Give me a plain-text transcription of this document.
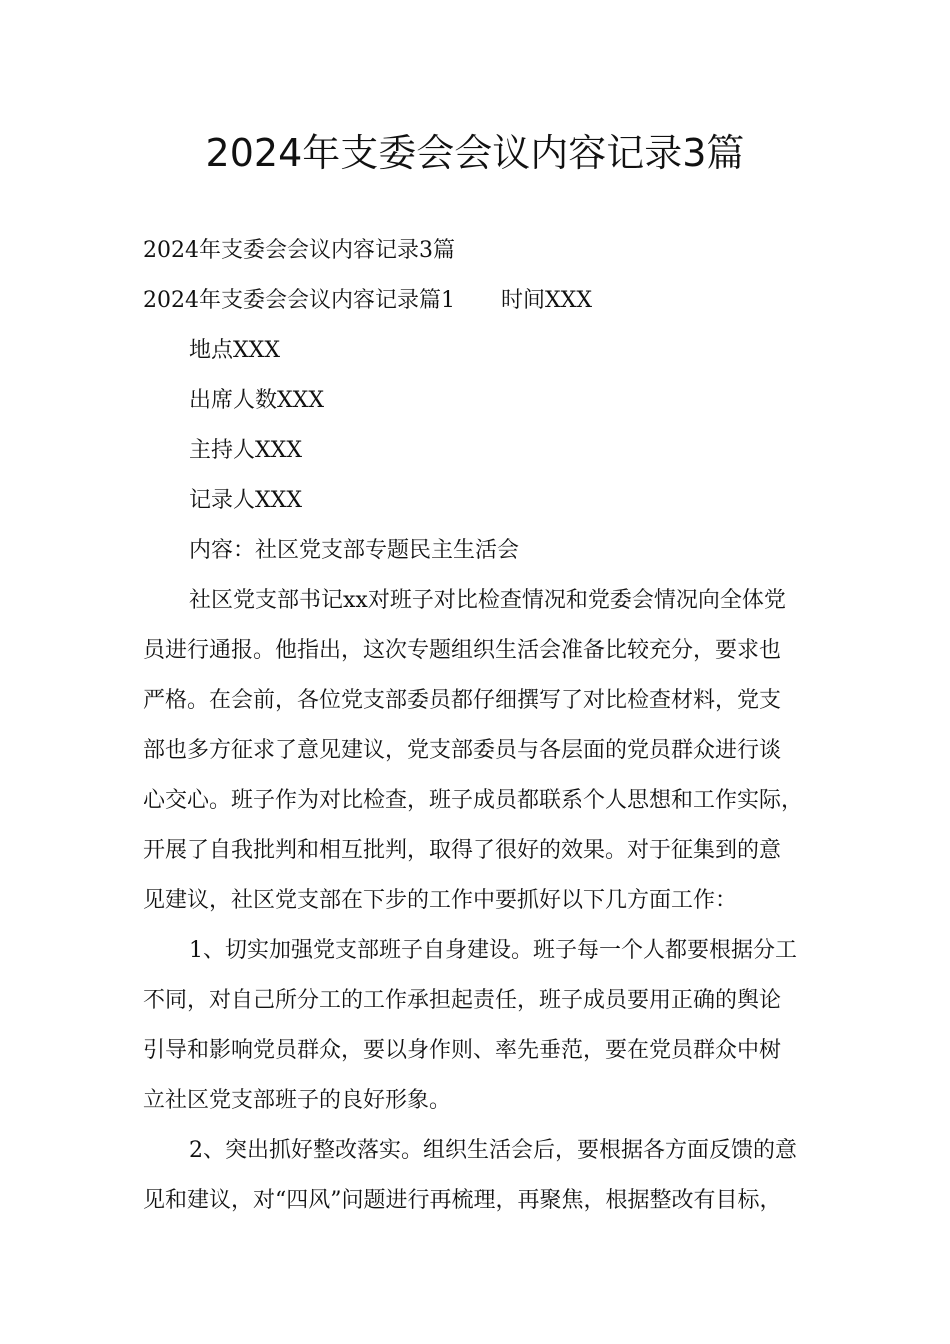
2024年支委会会议内容记录3篇
2024年支委会会议内容记录3篇
2024年支委会会议内容记录篇1 时间XXX
地点XXX
出席人数XXX
主持人XXX
记录人XXX
内容：社区党支部专题民主生活会
社区党支部书记xx对班子对比检查情况和党委会情况向全体党
员进行通报。他指出，这次专题组织生活会准备比较充分，要求也
严格。在会前，各位党支部委员都仔细撰写了对比检查材料，党支
部也多方征求了意见建议，党支部委员与各层面的党员群众进行谈
心交心。班子作为对比检查，班子成员都联系个人思想和工作实际，
开展了自我批判和相互批判，取得了很好的效果。对于征集到的意
见建议，社区党支部在下步的工作中要抓好以下几方面工作：
1、切实加强党支部班子自身建设。班子每一个人都要根据分工
不同，对自己所分工的工作承担起责任，班子成员要用正确的舆论
引导和影响党员群众，要以身作则、率先垂范，要在党员群众中树
立社区党支部班子的良好形象。
2、突出抓好整改落实。组织生活会后，要根据各方面反馈的意
见和建议，对“四风”问题进行再梳理，再聚焦，根据整改有目标，
